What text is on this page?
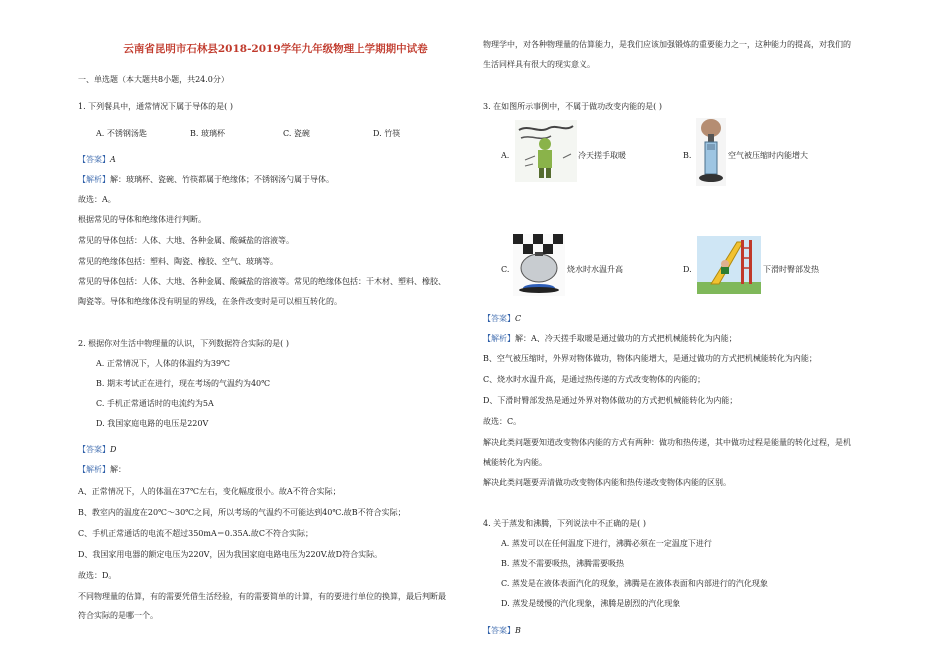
云南省昆明市石林县2018-2019学年九年级物理上学期期中试卷
一、单选题（本大题共8小题，共24.0分）
1. 下列餐具中，通常情况下属于导体的是( )
A. 不锈钢汤匙	B. 玻璃杯	C. 瓷碗	D. 竹筷
【答案】A
【解析】解：玻璃杯、瓷碗、竹筷都属于绝缘体；不锈钢汤勺属于导体。
故选：A。
根据常见的导体和绝缘体进行判断。
常见的导体包括：人体、大地、各种金属、酸碱盐的溶液等。
常见的绝缘体包括：塑料、陶瓷、橡胶、空气、玻璃等。
常见的导体包括：人体、大地、各种金属、酸碱盐的溶液等。常见的绝缘体包括：干木材、塑料、橡胶、
陶瓷等。导体和绝缘体没有明显的界线，在条件改变时是可以相互转化的。
2. 根据你对生活中物理量的认识，下列数据符合实际的是( )
A. 正常情况下，人体的体温约为39℃
B. 期末考试正在进行，现在考场的气温约为40℃
C. 手机正常通话时的电流约为5A
D. 我国家庭电路的电压是220V
【答案】D
【解析】解：
A、正常情况下，人的体温在37℃左右，变化幅度很小。故A不符合实际；
B、教室内的温度在20℃～30℃之间，所以考场的气温约不可能达到40℃.故B不符合实际；
C、手机正常通话的电流不超过350mA＝0.35A.故C不符合实际；
D、我国家用电器的额定电压为220V，因为我国家庭电路电压为220V.故D符合实际。
故选：D。
不同物理量的估算，有的需要凭借生活经验，有的需要简单的计算，有的要进行单位的换算，最后判断最
符合实际的是哪一个。
物理学中，对各种物理量的估算能力，是我们应该加强锻炼的重要能力之一，这种能力的提高，对我们的
生活同样具有很大的现实意义。
3. 在如图所示事例中，不属于做功改变内能的是( )
A.	冷天搓手取暖	B.	空气被压缩时内能增大
C.	烧水时水温升高	D.	下滑时臀部发热
【答案】C
【解析】解：A、冷天搓手取暖是通过做功的方式把机械能转化为内能；
B、空气被压缩时，外界对物体做功，物体内能增大，是通过做功的方式把机械能转化为内能；
C、烧水时水温升高，是通过热传递的方式改变物体的内能的；
D、下滑时臀部发热是通过外界对物体做功的方式把机械能转化为内能；
故选：C。
解决此类问题要知道改变物体内能的方式有两种：做功和热传递，其中做功过程是能量的转化过程，是机
械能转化为内能。
解决此类问题要弄清做功改变物体内能和热传递改变物体内能的区别。
4. 关于蒸发和沸腾，下列说法中不正确的是( )
A. 蒸发可以在任何温度下进行，沸腾必须在一定温度下进行
B. 蒸发不需要吸热，沸腾需要吸热
C. 蒸发是在液体表面汽化的现象，沸腾是在液体表面和内部进行的汽化现象
D. 蒸发是缓慢的汽化现象，沸腾是剧烈的汽化现象
【答案】B
